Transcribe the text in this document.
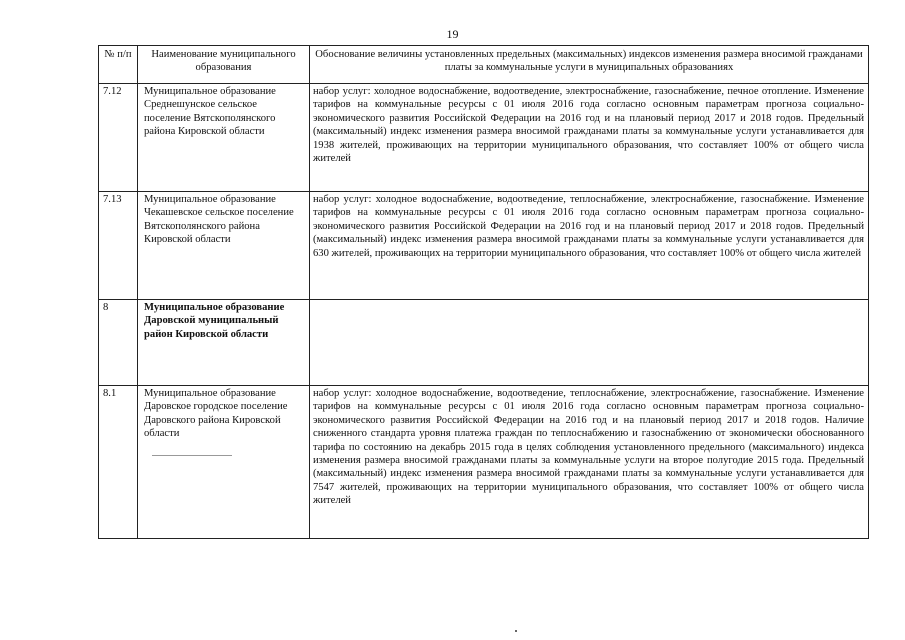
19
№ п/п	Наименование муниципального образования	Обоснование величины установленных предельных (максимальных) индексов изменения размера вносимой гражданами платы за коммунальные услуги в муниципальных образованиях
7.12	Муниципальное образование Среднешунское сельское поселение Вятскополянского района Кировской области	набор услуг: холодное водоснабжение, водоотведение, электроснабжение, газоснабжение, печное отопление. Изменение тарифов на коммунальные ресурсы с 01 июля 2016 года согласно основным параметрам прогноза социально-экономического развития Российской Федерации на 2016 год и на плановый период 2017 и 2018 годов. Предельный (максимальный) индекс изменения размера вносимой гражданами платы за коммунальные услуги устанавливается для 1938 жителей, проживающих на территории муниципального образования, что составляет 100% от общего числа жителей
7.13	Муниципальное образование Чекашевское сельское поселение Вятскополянского района Кировской области	набор услуг: холодное водоснабжение, водоотведение, теплоснабжение, электроснабжение, газоснабжение. Изменение тарифов на коммунальные ресурсы с 01 июля 2016 года согласно основным параметрам прогноза социально-экономического развития Российской Федерации на 2016 год и на плановый период 2017 и 2018 годов. Предельный (максимальный) индекс изменения размера вносимой гражданами платы за коммунальные услуги устанавливается для 630 жителей, проживающих на территории муниципального образования, что составляет 100% от общего числа жителей
8	Муниципальное образование Даровской муниципальный район Кировской области	
8.1	Муниципальное образование Даровское городское поселение Даровского района Кировской области	набор услуг: холодное водоснабжение, водоотведение, теплоснабжение, электроснабжение, газоснабжение. Изменение тарифов на коммунальные ресурсы с 01 июля 2016 года согласно основным параметрам прогноза социально-экономического развития Российской Федерации на 2016 год и на плановый период 2017 и 2018 годов. Наличие сниженного стандарта уровня платежа граждан по теплоснабжению и газоснабжению от экономически обоснованного тарифа по состоянию на декабрь 2015 года в целях соблюдения установленного предельного (максимального) индекса изменения размера вносимой гражданами платы за коммунальные услуги на второе полугодие 2015 года. Предельный (максимальный) индекс изменения размера вносимой гражданами платы за коммунальные услуги устанавливается для 7547 жителей, проживающих на территории муниципального образования, что составляет 100% от общего числа жителей
